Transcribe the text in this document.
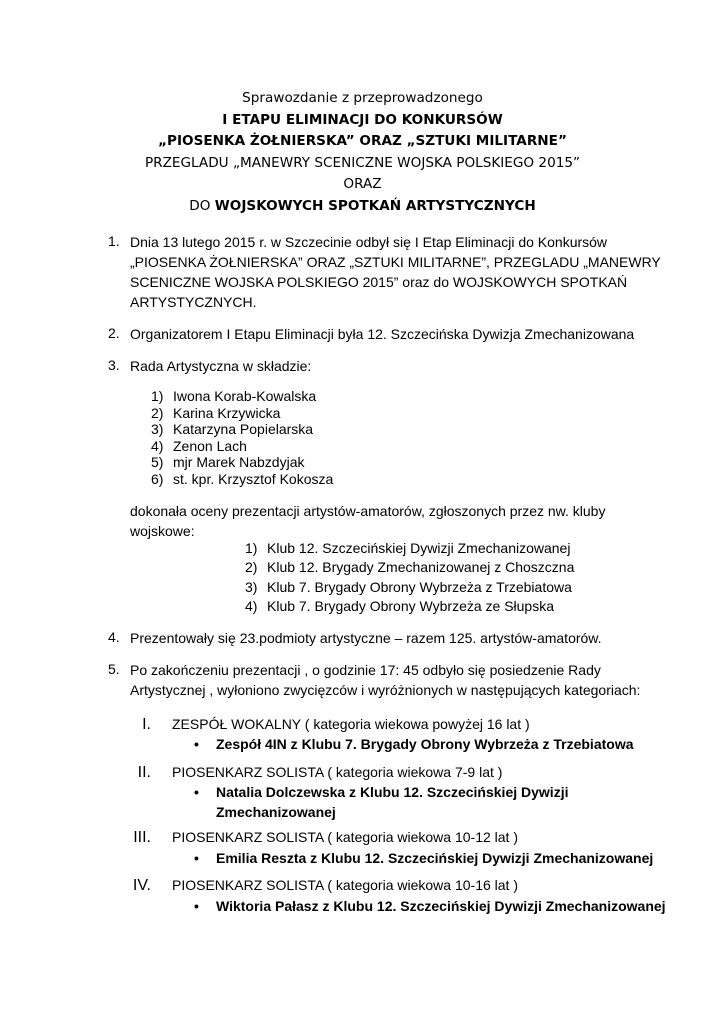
Sprawozdanie z przeprowadzonego
I ETAPU ELIMINACJI DO KONKURSÓW
„PIOSENKA ŻOŁNIERSKA” ORAZ „SZTUKI MILITARNE”
PRZEGLADU „MANEWRY SCENICZNE WOJSKA POLSKIEGO 2015”
ORAZ
DO WOJSKOWYCH SPOTKAŃ ARTYSTYCZNYCH
1. Dnia 13 lutego 2015 r. w Szczecinie odbył się I Etap Eliminacji do Konkursów
„PIOSENKA ŻOŁNIERSKA” ORAZ „SZTUKI MILITARNE”, PRZEGLADU „MANEWRY
SCENICZNE WOJSKA POLSKIEGO 2015” oraz do WOJSKOWYCH SPOTKAŃ
ARTYSTYCZNYCH.
2. Organizatorem I Etapu Eliminacji była 12. Szczecińska Dywizja Zmechanizowana
3. Rada Artystyczna w składzie:
1) Iwona Korab-Kowalska
2) Karina Krzywicka
3) Katarzyna Popielarska
4) Zenon Lach
5) mjr Marek Nabzdyjak
6) st. kpr. Krzysztof Kokosza
dokonała oceny prezentacji artystów-amatorów, zgłoszonych przez nw. kluby
wojskowe:
1) Klub 12. Szczecińskiej Dywizji Zmechanizowanej
2) Klub 12. Brygady Zmechanizowanej z Choszczna
3) Klub 7. Brygady Obrony Wybrzeża z Trzebiatowa
4) Klub 7. Brygady Obrony Wybrzeża ze Słupska
4. Prezentowały się 23.podmioty artystyczne – razem 125. artystów-amatorów.
5. Po zakończeniu prezentacji , o godzinie 17: 45 odbyło się posiedzenie Rady
Artystycznej , wyłoniono zwycięzców i wyróżnionych w następujących kategoriach:
I. ZESPÓŁ WOKALNY ( kategoria wiekowa powyżej 16 lat )
• Zespół 4IN z Klubu 7. Brygady Obrony Wybrzeża z Trzebiatowa
II. PIOSENKARZ SOLISTA ( kategoria wiekowa 7-9 lat )
• Natalia Dolczewska z Klubu 12. Szczecińskiej Dywizji
Zmechanizowanej
III. PIOSENKARZ SOLISTA ( kategoria wiekowa 10-12 lat )
• Emilia Reszta z Klubu 12. Szczecińskiej Dywizji Zmechanizowanej
IV. PIOSENKARZ SOLISTA ( kategoria wiekowa 10-16 lat )
• Wiktoria Pałasz z Klubu 12. Szczecińskiej Dywizji Zmechanizowanej
